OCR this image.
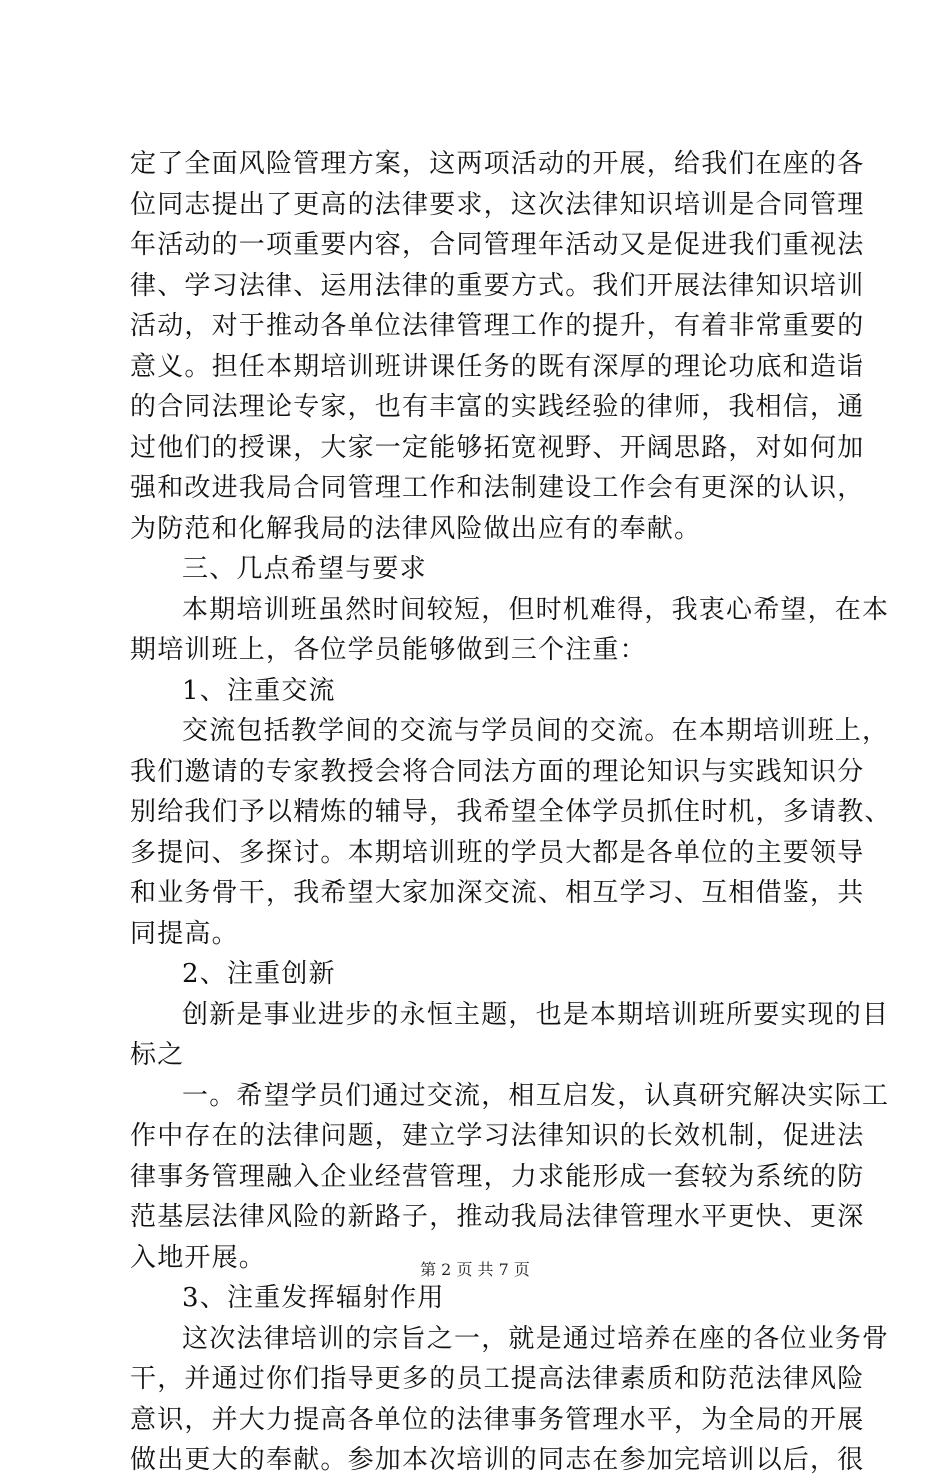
定了全面风险管理方案，这两项活动的开展，给我们在座的各
位同志提出了更高的法律要求，这次法律知识培训是合同管理
年活动的一项重要内容，合同管理年活动又是促进我们重视法
律、学习法律、运用法律的重要方式。我们开展法律知识培训
活动，对于推动各单位法律管理工作的提升，有着非常重要的
意义。担任本期培训班讲课任务的既有深厚的理论功底和造诣
的合同法理论专家，也有丰富的实践经验的律师，我相信，通
过他们的授课，大家一定能够拓宽视野、开阔思路，对如何加
强和改进我局合同管理工作和法制建设工作会有更深的认识，
为防范和化解我局的法律风险做出应有的奉献。
三、几点希望与要求
本期培训班虽然时间较短，但时机难得，我衷心希望，在本
期培训班上，各位学员能够做到三个注重：
1、注重交流
交流包括教学间的交流与学员间的交流。在本期培训班上，
我们邀请的专家教授会将合同法方面的理论知识与实践知识分
别给我们予以精炼的辅导，我希望全体学员抓住时机，多请教、
多提问、多探讨。本期培训班的学员大都是各单位的主要领导
和业务骨干，我希望大家加深交流、相互学习、互相借鉴，共
同提高。
2、注重创新
创新是事业进步的永恒主题，也是本期培训班所要实现的目
标之
一。希望学员们通过交流，相互启发，认真研究解决实际工
作中存在的法律问题，建立学习法律知识的长效机制，促进法
律事务管理融入企业经营管理，力求能形成一套较为系统的防
范基层法律风险的新路子，推动我局法律管理水平更快、更深
入地开展。
3、注重发挥辐射作用
这次法律培训的宗旨之一，就是通过培养在座的各位业务骨
干，并通过你们指导更多的员工提高法律素质和防范法律风险
意识，并大力提高各单位的法律事务管理水平，为全局的开展
做出更大的奉献。参加本次培训的同志在参加完培训以后，很
第 2 页 共 7 页
